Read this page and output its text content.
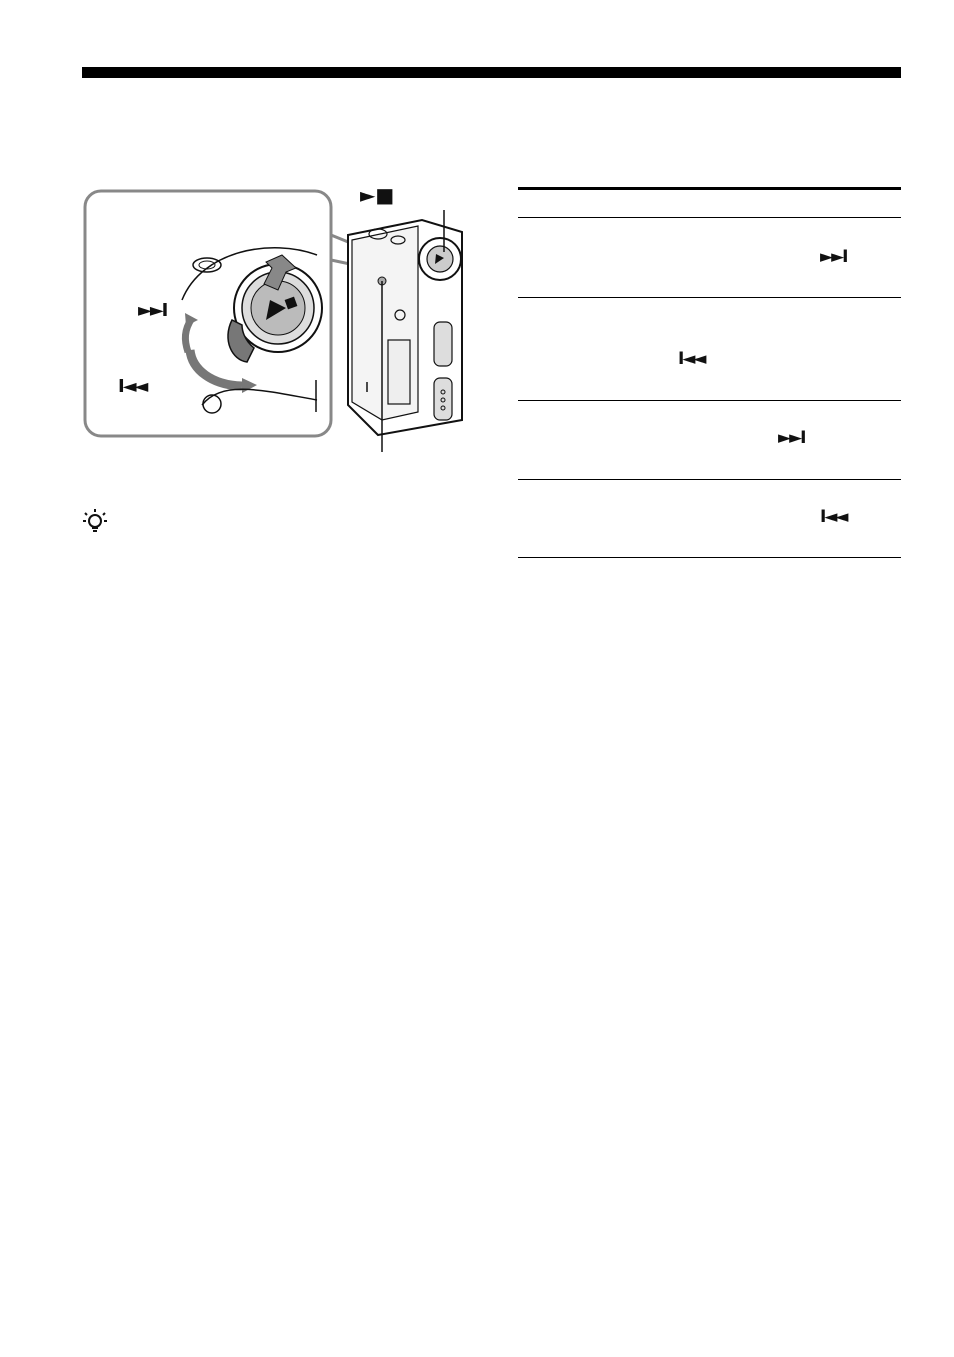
►■
►►I
I◄◄
►►I
I◄◄
►►I
I◄◄
